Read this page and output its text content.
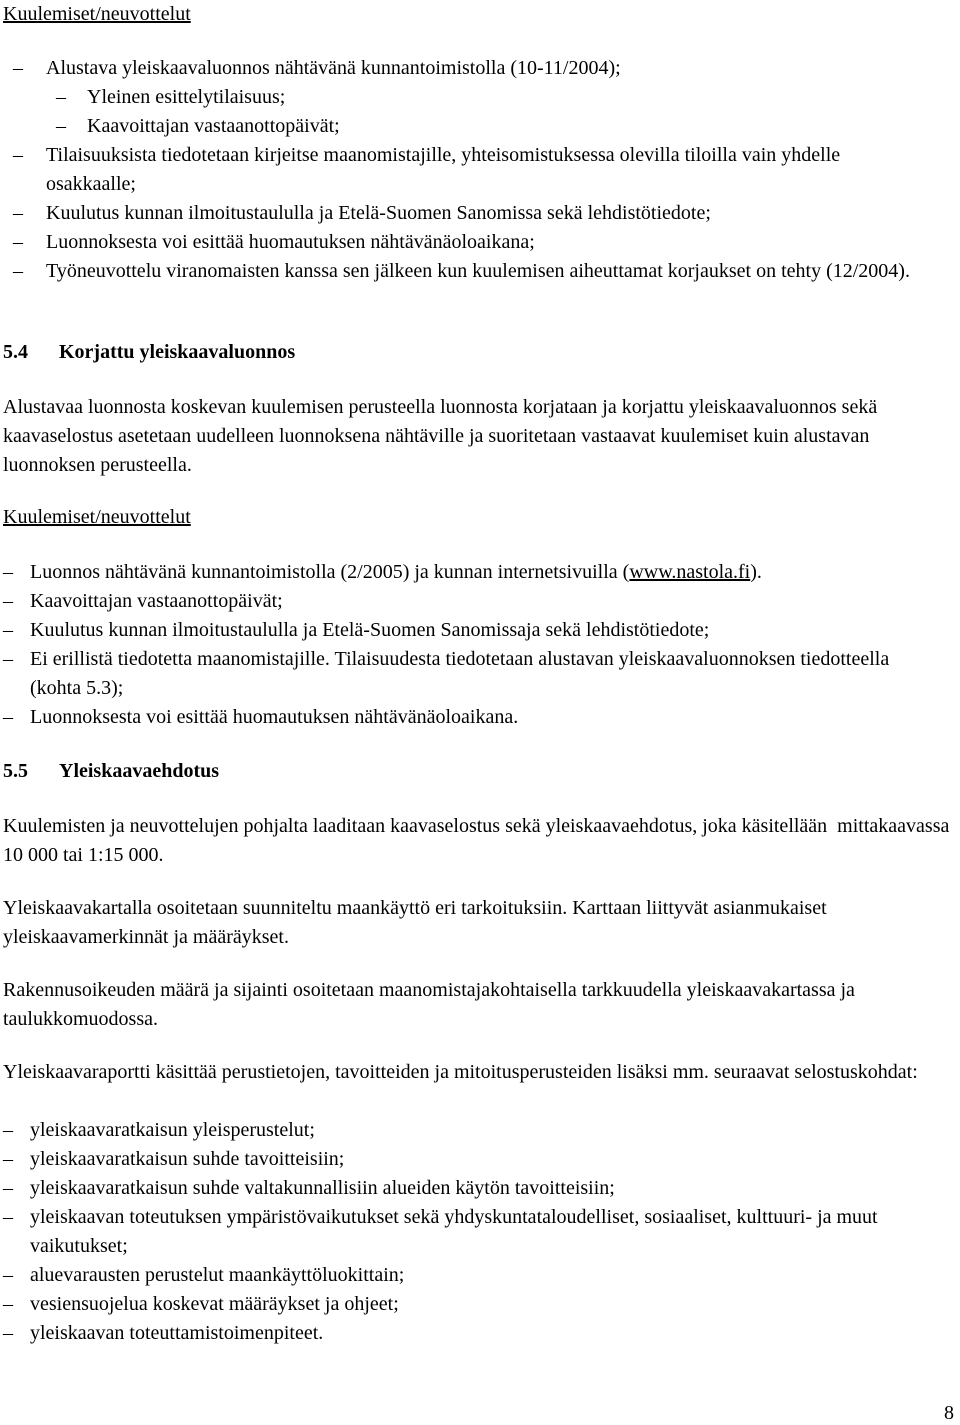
Kuulemiset/neuvottelut
– Alustava yleiskaavaluonnos nähtävänä kunnantoimistolla (10-11/2004);
– Yleinen esittelytilaisuus;
– Kaavoittajan vastaanottopäivät;
– Tilaisuuksista tiedotetaan kirjeitse maanomistajille, yhteisomistuksessa olevilla tiloilla vain yhdelle osakkaalle;
– Kuulutus kunnan ilmoitustaululla ja Etelä-Suomen Sanomissa sekä lehdistötiedote;
– Luonnoksesta voi esittää huomautuksen nähtävänäoloaikana;
– Työneuvottelu viranomaisten kanssa sen jälkeen kun kuulemisen aiheuttamat korjaukset on tehty (12/2004).
5.4 Korjattu yleiskaavaluonnos

Alustavaa luonnosta koskevan kuulemisen perusteella luonnosta korjataan ja korjattu yleiskaavaluonnos sekä kaavaselostus asetetaan uudelleen luonnoksena nähtäville ja suoritetaan vastaavat kuulemiset kuin alustavan luonnoksen perusteella.

Kuulemiset/neuvottelut
– Luonnos nähtävänä kunnantoimistolla (2/2005) ja kunnan internetsivuilla (www.nastola.fi).
– Kaavoittajan vastaanottopäivät;
– Kuulutus kunnan ilmoitustaululla ja Etelä-Suomen Sanomissaja sekä lehdistötiedote;
– Ei erillistä tiedotetta maanomistajille. Tilaisuudesta tiedotetaan alustavan yleiskaavaluonnoksen tiedotteella (kohta 5.3);
– Luonnoksesta voi esittää huomautuksen nähtävänäoloaikana.
5.5 Yleiskaavaehdotus

Kuulemisten ja neuvottelujen pohjalta laaditaan kaavaselostus sekä yleiskaavaehdotus, joka käsitellään  mittakaavassa 10 000 tai 1:15 000.

Yleiskaavakartalla osoitetaan suunniteltu maankäyttö eri tarkoituksiin. Karttaan liittyvät asianmukaiset yleiskaavamerkinnät ja määräykset.

Rakennusoikeuden määrä ja sijainti osoitetaan maanomistajakohtaisella tarkkuudella yleiskaavakartassa ja taulukkomuodossa.

Yleiskaavaraportti käsittää perustietojen, tavoitteiden ja mitoitusperusteiden lisäksi mm. seuraavat selostuskohdat:

– yleiskaavaratkaisun yleisperustelut;
– yleiskaavaratkaisun suhde tavoitteisiin;
– yleiskaavaratkaisun suhde valtakunnallisiin alueiden käytön tavoitteisiin;
– yleiskaavan toteutuksen ympäristövaikutukset sekä yhdyskuntataloudelliset, sosiaaliset, kulttuuri- ja muut vaikutukset;
– aluevarausten perustelut maankäyttöluokittain;
– vesiensuojelua koskevat määräykset ja ohjeet;
– yleiskaavan toteuttamistoimenpiteet.
8
